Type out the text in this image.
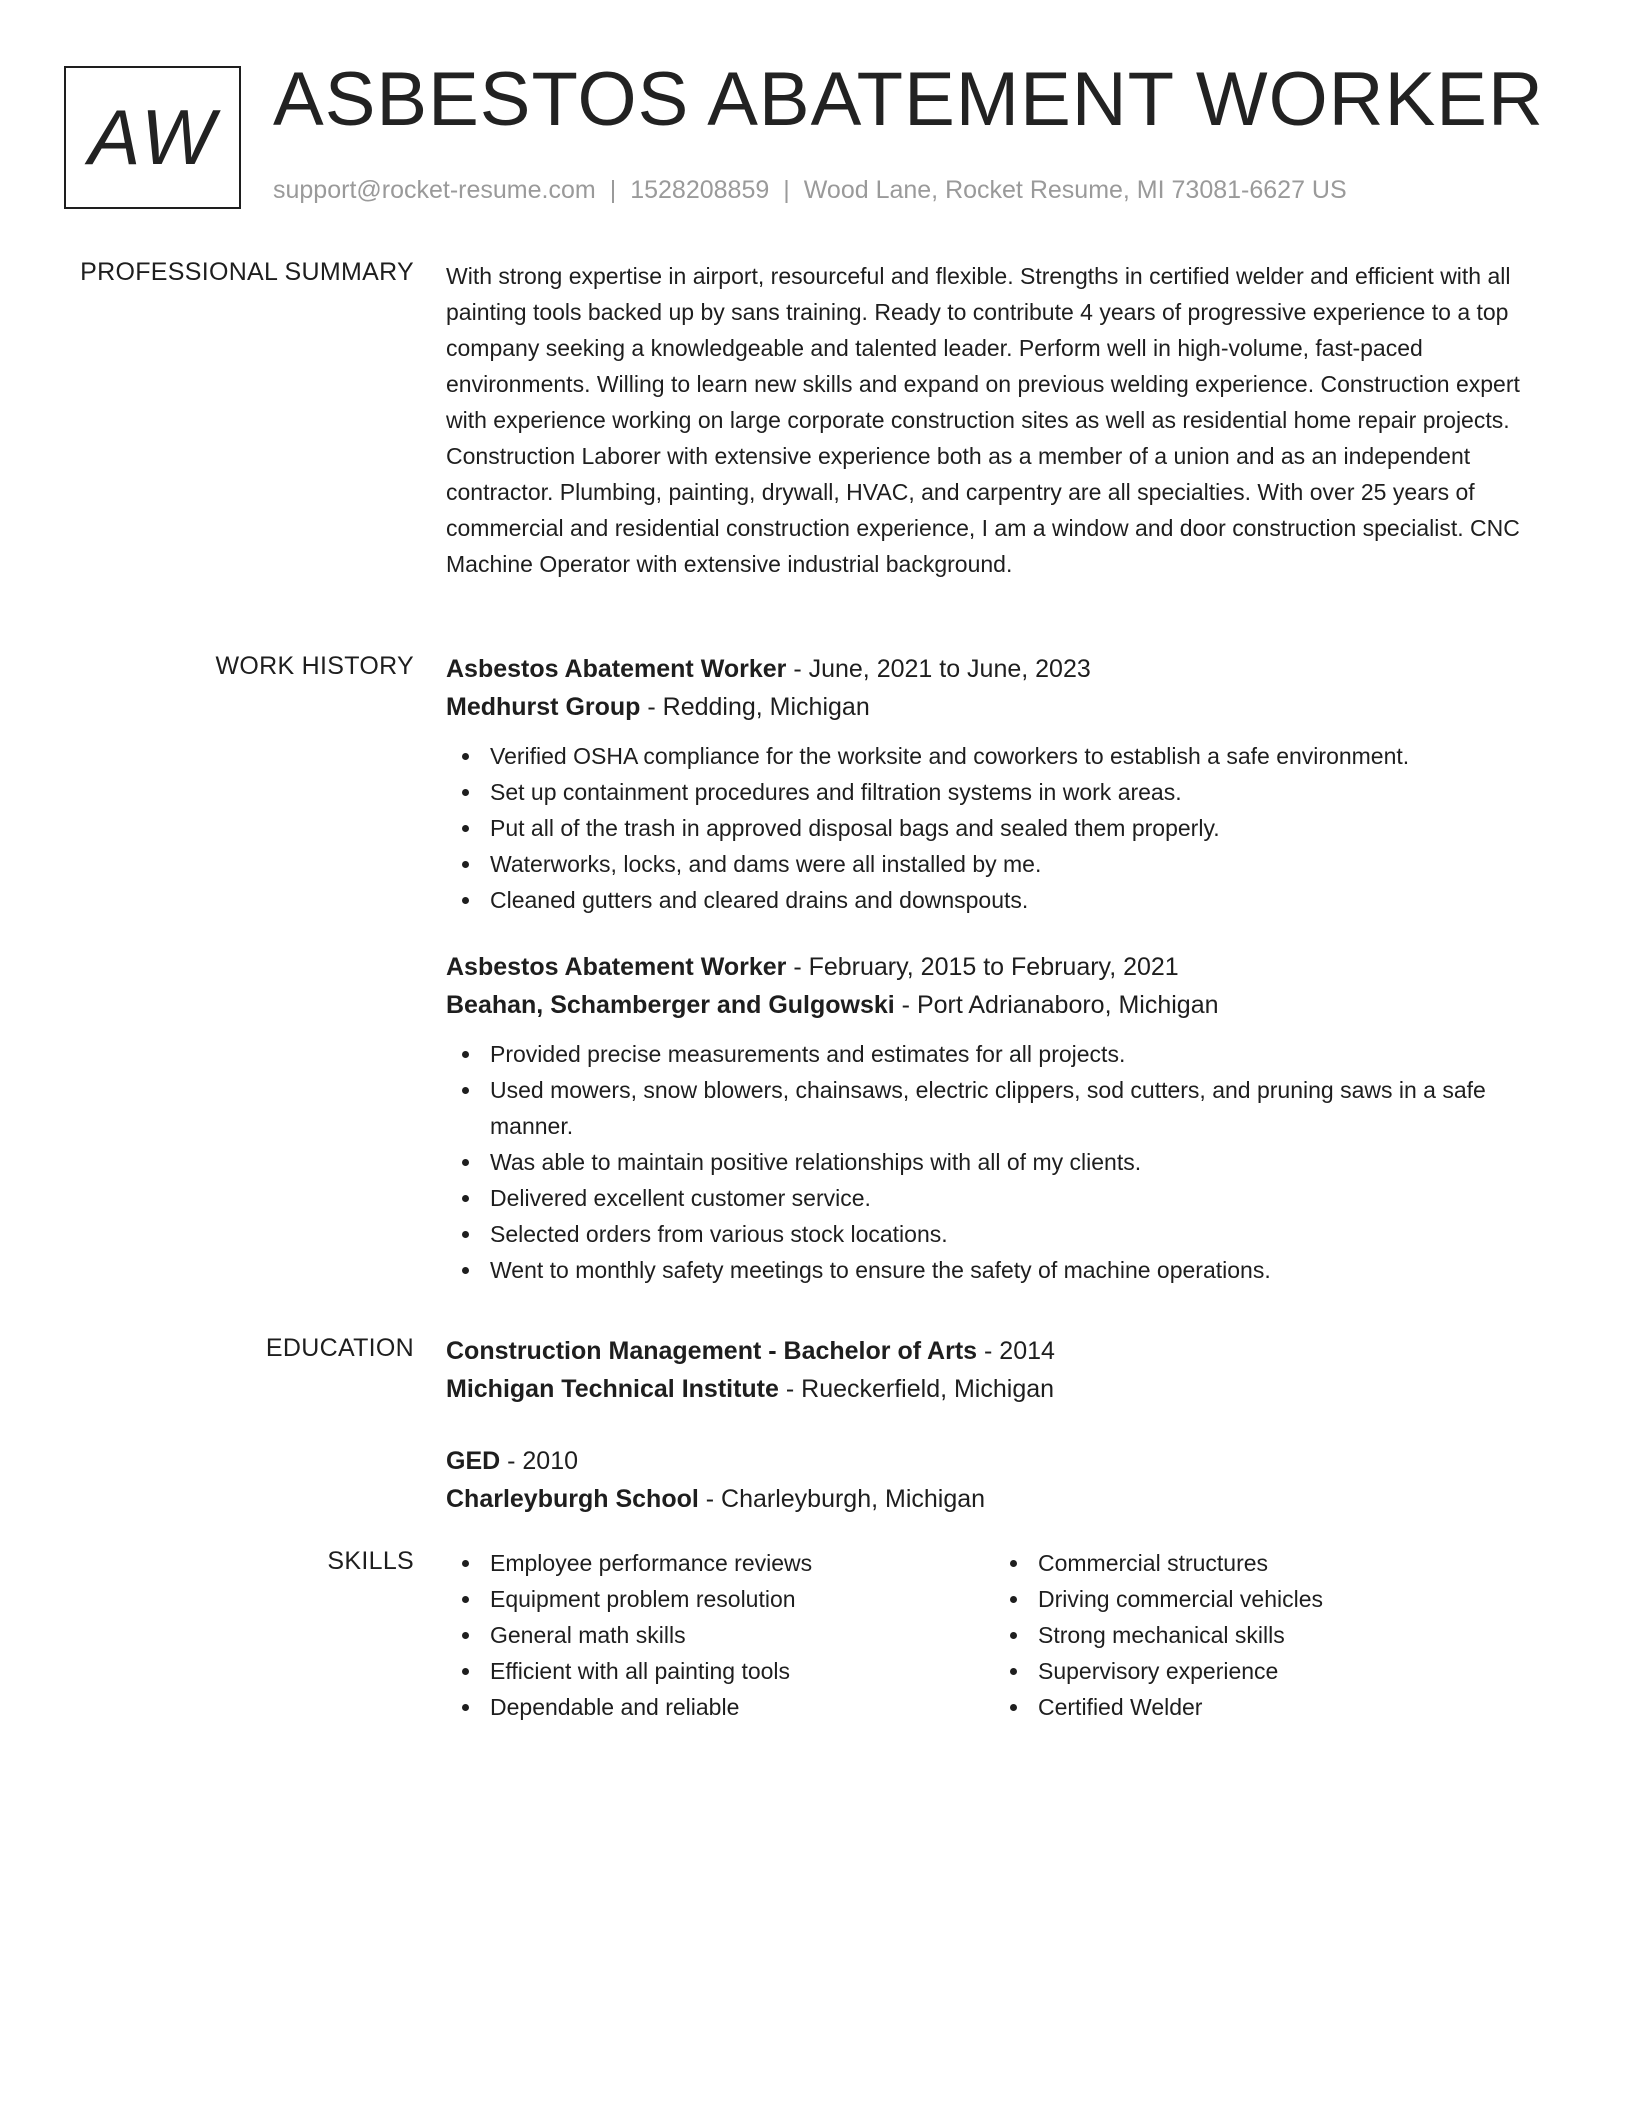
AW ASBESTOS ABATEMENT WORKER
support@rocket-resume.com | 1528208859 | Wood Lane, Rocket Resume, MI 73081-6627 US
PROFESSIONAL SUMMARY With strong expertise in airport, resourceful and flexible. Strengths in certified welder and efficient with all painting tools backed up by sans training. Ready to contribute 4 years of progressive experience to a top company seeking a knowledgeable and talented leader. Perform well in high-volume, fast-paced environments. Willing to learn new skills and expand on previous welding experience. Construction expert with experience working on large corporate construction sites as well as residential home repair projects. Construction Laborer with extensive experience both as a member of a union and as an independent contractor. Plumbing, painting, drywall, HVAC, and carpentry are all specialties. With over 25 years of commercial and residential construction experience, I am a window and door construction specialist. CNC Machine Operator with extensive industrial background.

WORK HISTORY Asbestos Abatement Worker - June, 2021 to June, 2023
Medhurst Group - Redding, Michigan
Verified OSHA compliance for the worksite and coworkers to establish a safe environment.
Set up containment procedures and filtration systems in work areas.
Put all of the trash in approved disposal bags and sealed them properly.
Waterworks, locks, and dams were all installed by me.
Cleaned gutters and cleared drains and downspouts.
Asbestos Abatement Worker - February, 2015 to February, 2021
Beahan, Schamberger and Gulgowski - Port Adrianaboro, Michigan
Provided precise measurements and estimates for all projects.
Used mowers, snow blowers, chainsaws, electric clippers, sod cutters, and pruning saws in a safe manner.
Was able to maintain positive relationships with all of my clients.
Delivered excellent customer service.
Selected orders from various stock locations.
Went to monthly safety meetings to ensure the safety of machine operations.
EDUCATION Construction Management - Bachelor of Arts - 2014
Michigan Technical Institute - Rueckerfield, Michigan
GED - 2010
Charleyburgh School - Charleyburgh, Michigan
SKILLS	Employee performance reviews
Equipment problem resolution
General math skills
Efficient with all painting tools
Dependable and reliable
Commercial structures
Driving commercial vehicles
Strong mechanical skills
Supervisory experience
Certified Welder
